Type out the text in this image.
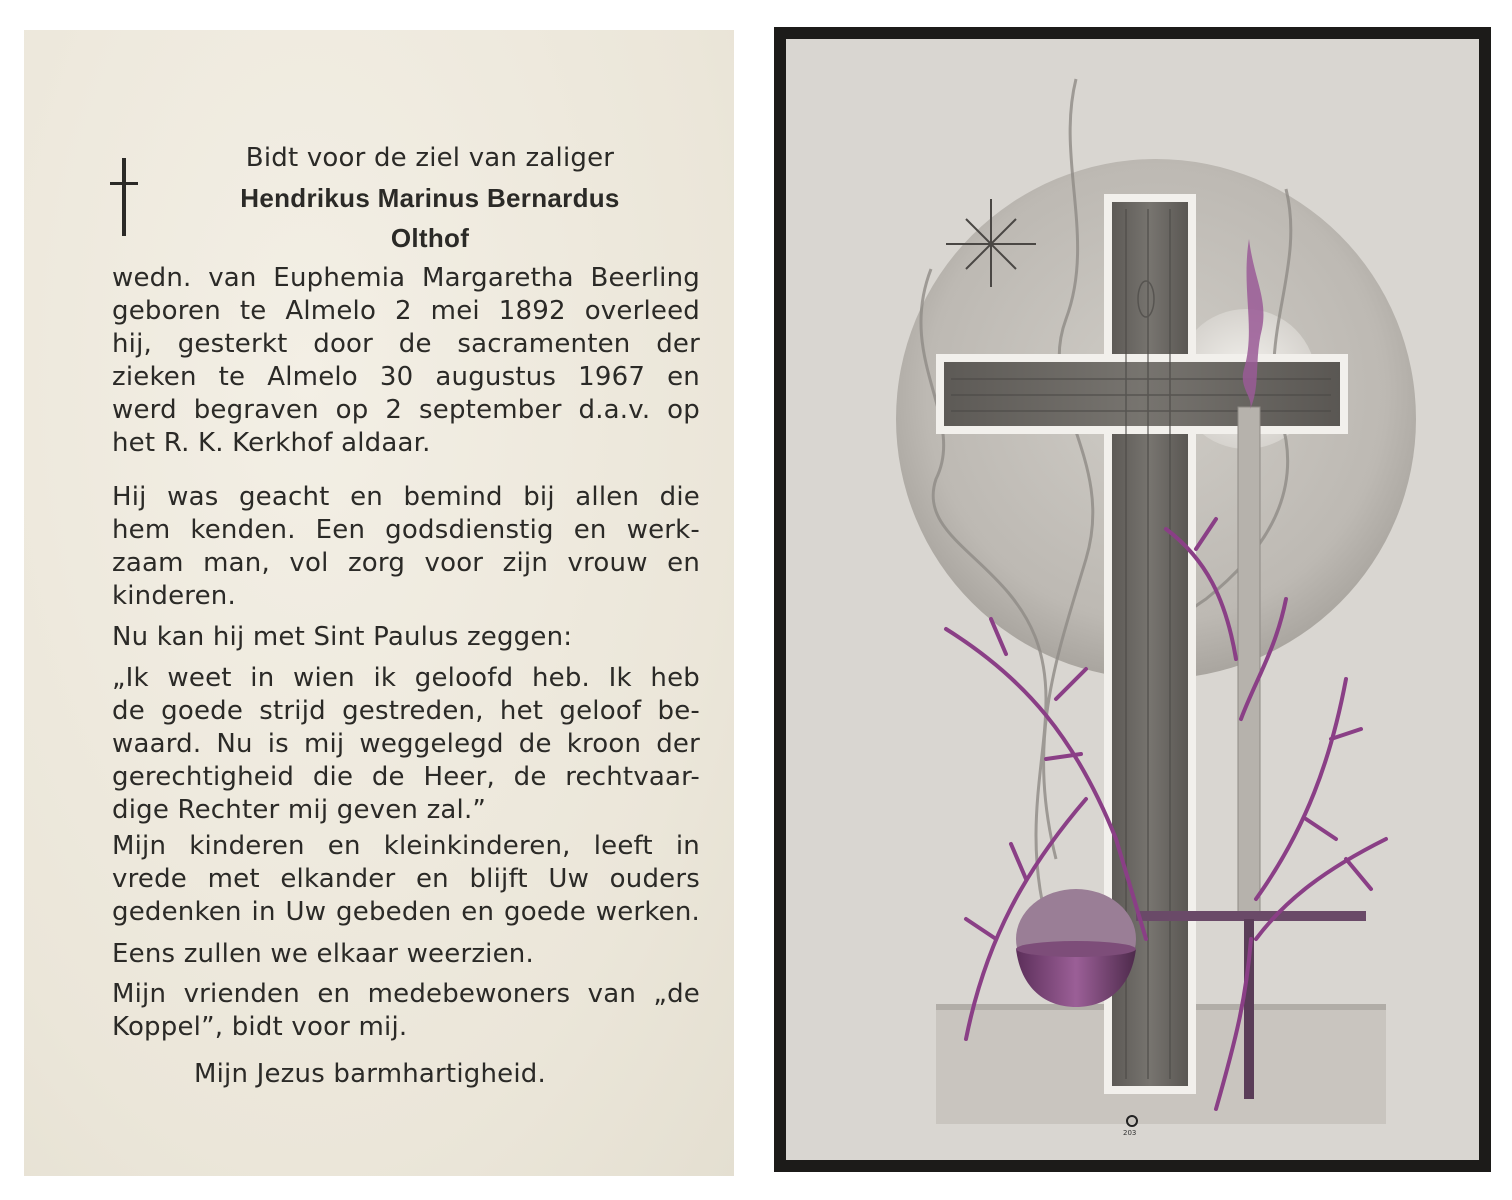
Bidt voor de ziel van zaliger
Hendrikus Marinus Bernardus
Olthof
wedn. van Euphemia Margaretha Beerling
geboren te Almelo 2 mei 1892 overleed
hij, gesterkt door de sacramenten der
zieken te Almelo 30 augustus 1967 en
werd begraven op 2 september d.a.v. op
het R. K. Kerkhof aldaar.
Hij was geacht en bemind bij allen die
hem kenden. Een godsdienstig en werk-
zaam man, vol zorg voor zijn vrouw en
kinderen.
Nu kan hij met Sint Paulus zeggen:
„Ik weet in wien ik geloofd heb. Ik heb
de goede strijd gestreden, het geloof be-
waard. Nu is mij weggelegd de kroon der
gerechtigheid die de Heer, de rechtvaar-
dige Rechter mij geven zal.”
Mijn kinderen en kleinkinderen, leeft in
vrede met elkander en blijft Uw ouders
gedenken in Uw gebeden en goede werken.
Eens zullen we elkaar weerzien.
Mijn vrienden en medebewoners van „de
Koppel”, bidt voor mij.
Mijn Jezus barmhartigheid.
203
